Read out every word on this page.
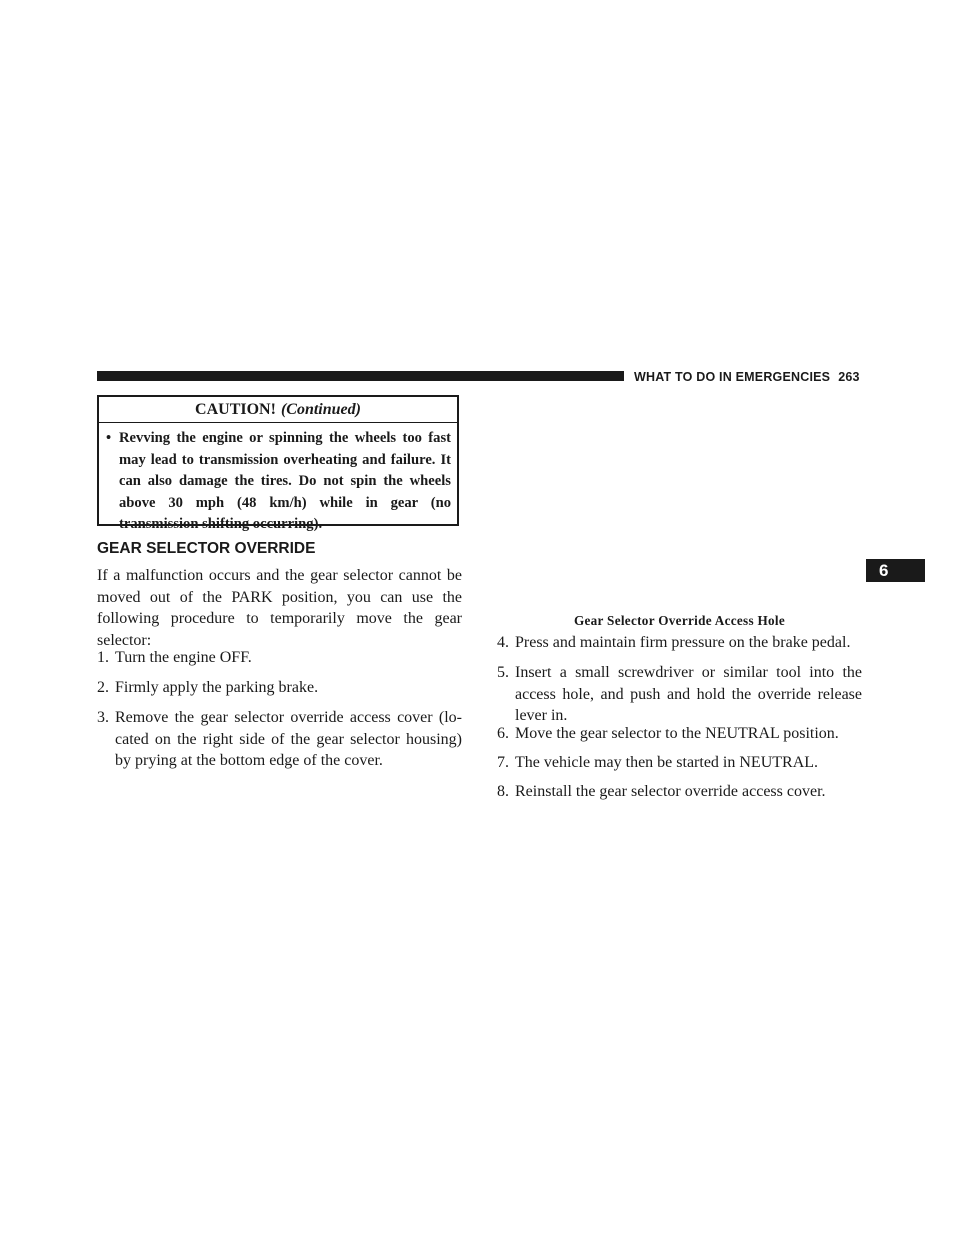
WHAT TO DO IN EMERGENCIES 263
CAUTION! (Continued)
• Revving the engine or spinning the wheels too fast may lead to transmission overheating and failure. It can also damage the tires. Do not spin the wheels above 30 mph (48 km/h) while in gear (no transmission shifting occurring).
GEAR SELECTOR OVERRIDE
If a malfunction occurs and the gear selector cannot be moved out of the PARK position, you can use the following procedure to temporarily move the gear selector:
1. Turn the engine OFF.
2. Firmly apply the parking brake.
3. Remove the gear selector override access cover (lo-cated on the right side of the gear selector housing) by prying at the bottom edge of the cover.
Gear Selector Override Access Hole
4. Press and maintain firm pressure on the brake pedal.
5. Insert a small screwdriver or similar tool into the access hole, and push and hold the override release lever in.
6. Move the gear selector to the NEUTRAL position.
7. The vehicle may then be started in NEUTRAL.
8. Reinstall the gear selector override access cover.
6
